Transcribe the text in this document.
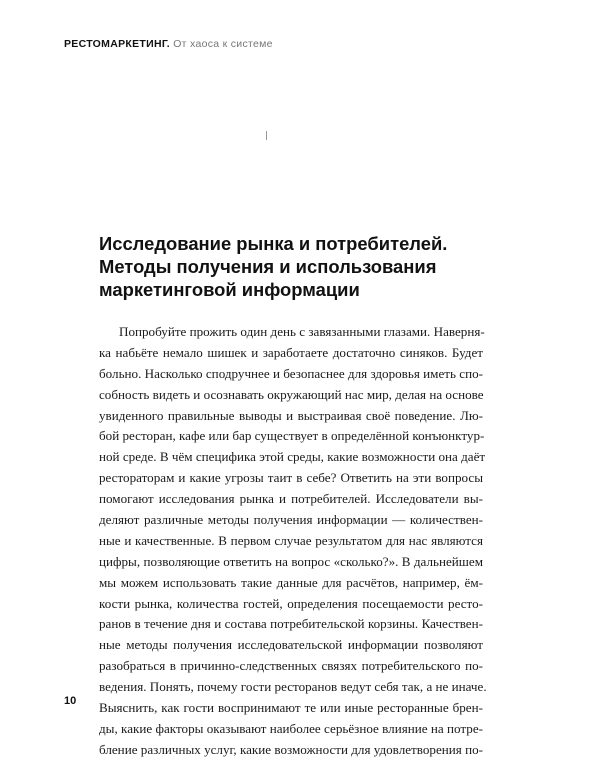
РЕСТОМАРКЕТИНГ. От хаоса к системе
Исследование рынка и потребителей.
Методы получения и использования
маркетинговой информации
Попробуйте прожить один день с завязанными глазами. Наверня-
ка набьёте немало шишек и заработаете достаточно синяков. Будет
больно. Насколько сподручнее и безопаснее для здоровья иметь спо-
собность видеть и осознавать окружающий нас мир, делая на основе
увиденного правильные выводы и выстраивая своё поведение. Лю-
бой ресторан, кафе или бар существует в определённой конъюнктур-
ной среде. В чём специфика этой среды, какие возможности она даёт
рестораторам и какие угрозы таит в себе? Ответить на эти вопросы
помогают исследования рынка и потребителей. Исследователи вы-
деляют различные методы получения информации — количествен-
ные и качественные. В первом случае результатом для нас являются
цифры, позволяющие ответить на вопрос «сколько?». В дальнейшем
мы можем использовать такие данные для расчётов, например, ём-
кости рынка, количества гостей, определения посещаемости ресто-
ранов в течение дня и состава потребительской корзины. Качествен-
ные методы получения исследовательской информации позволяют
разобраться в причинно-следственных связях потребительского по-
ведения. Понять, почему гости ресторанов ведут себя так, а не иначе.
Выяснить, как гости воспринимают те или иные ресторанные брен-
ды, какие факторы оказывают наиболее серьёзное влияние на потре-
бление различных услуг, какие возможности для удовлетворения по-
10
